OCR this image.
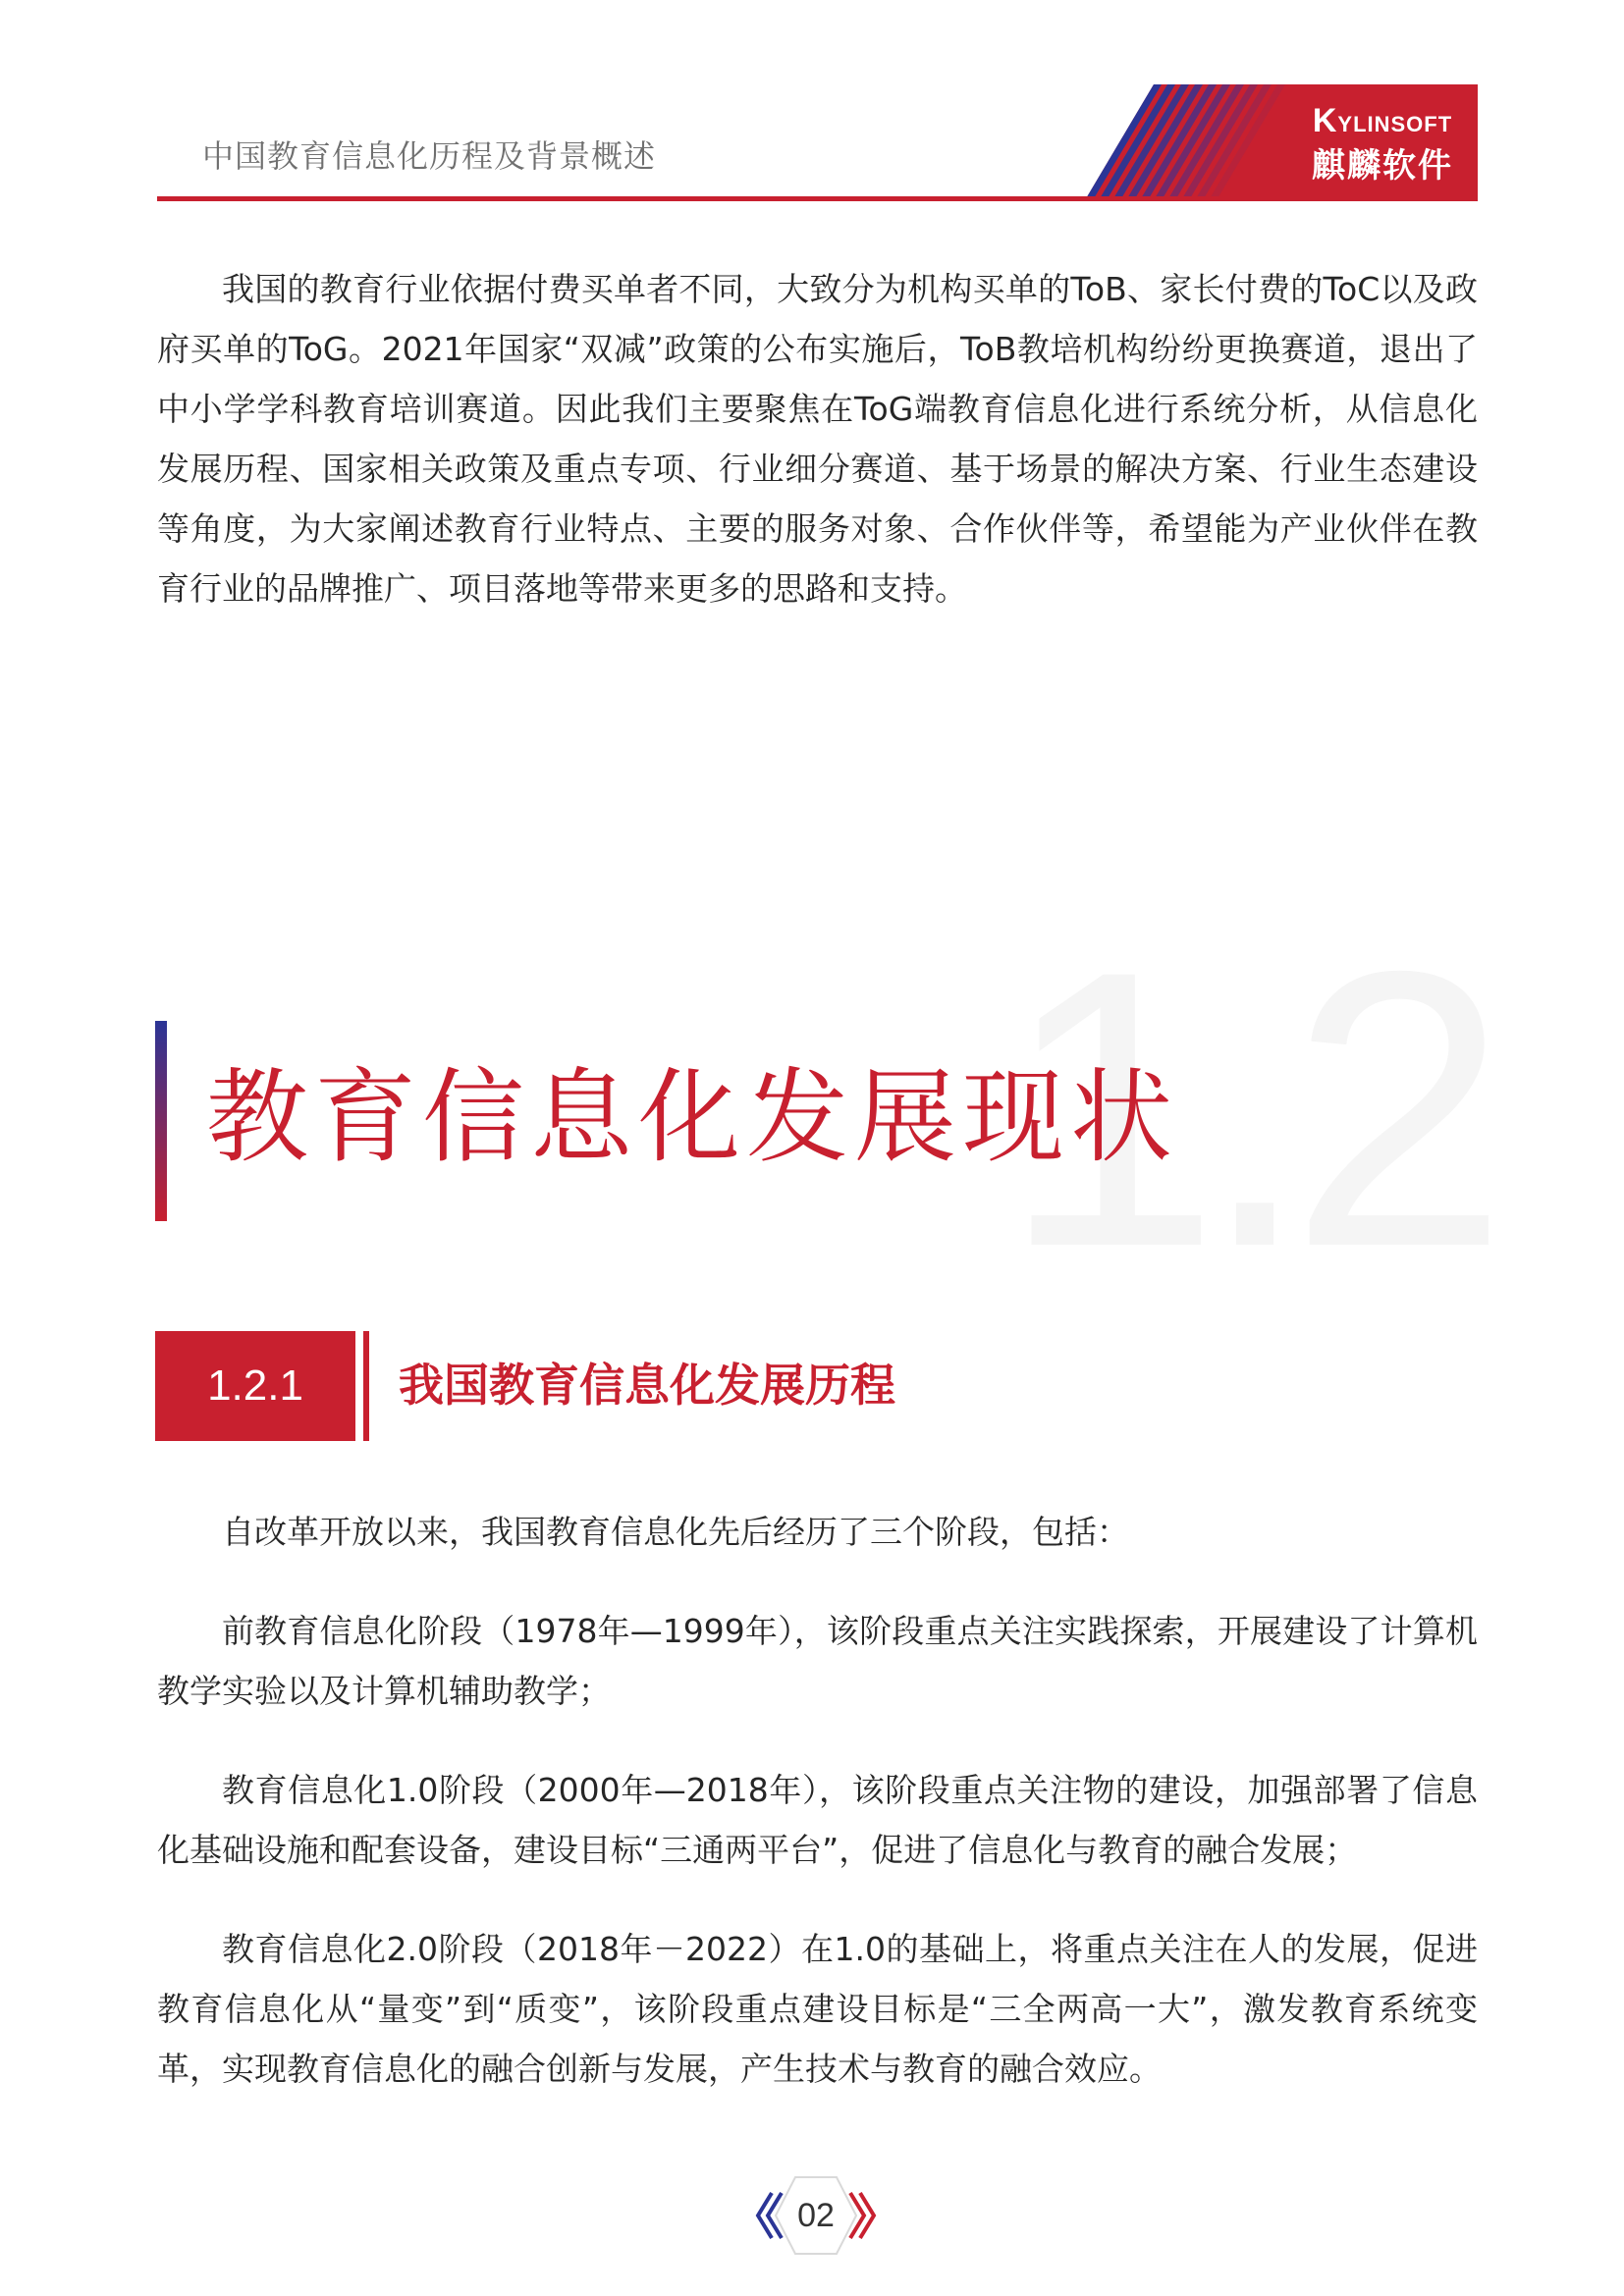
中国教育信息化历程及背景概述
KYLINSOFT
麒麟软件

我国的教育行业依据付费买单者不同，大致分为机构买单的ToB、家长付费的ToC以及政府买单的ToG。2021年国家“双减”政策的公布实施后，ToB教培机构纷纷更换赛道，退出了中小学学科教育培训赛道。因此我们主要聚焦在ToG端教育信息化进行系统分析，从信息化发展历程、国家相关政策及重点专项、行业细分赛道、基于场景的解决方案、行业生态建设等角度，为大家阐述教育行业特点、主要的服务对象、合作伙伴等，希望能为产业伙伴在教育行业的品牌推广、项目落地等带来更多的思路和支持。

1.2
教育信息化发展现状
1.2.1	我国教育信息化发展历程

自改革开放以来，我国教育信息化先后经历了三个阶段，包括：

前教育信息化阶段（1978年—1999年），该阶段重点关注实践探索，开展建设了计算机教学实验以及计算机辅助教学；

教育信息化1.0阶段（2000年—2018年），该阶段重点关注物的建设，加强部署了信息化基础设施和配套设备，建设目标“三通两平台”，促进了信息化与教育的融合发展；

教育信息化2.0阶段（2018年－2022）在1.0的基础上，将重点关注在人的发展，促进教育信息化从“量变”到“质变”，该阶段重点建设目标是“三全两高一大”，激发教育系统变革，实现教育信息化的融合创新与发展，产生技术与教育的融合效应。

02
